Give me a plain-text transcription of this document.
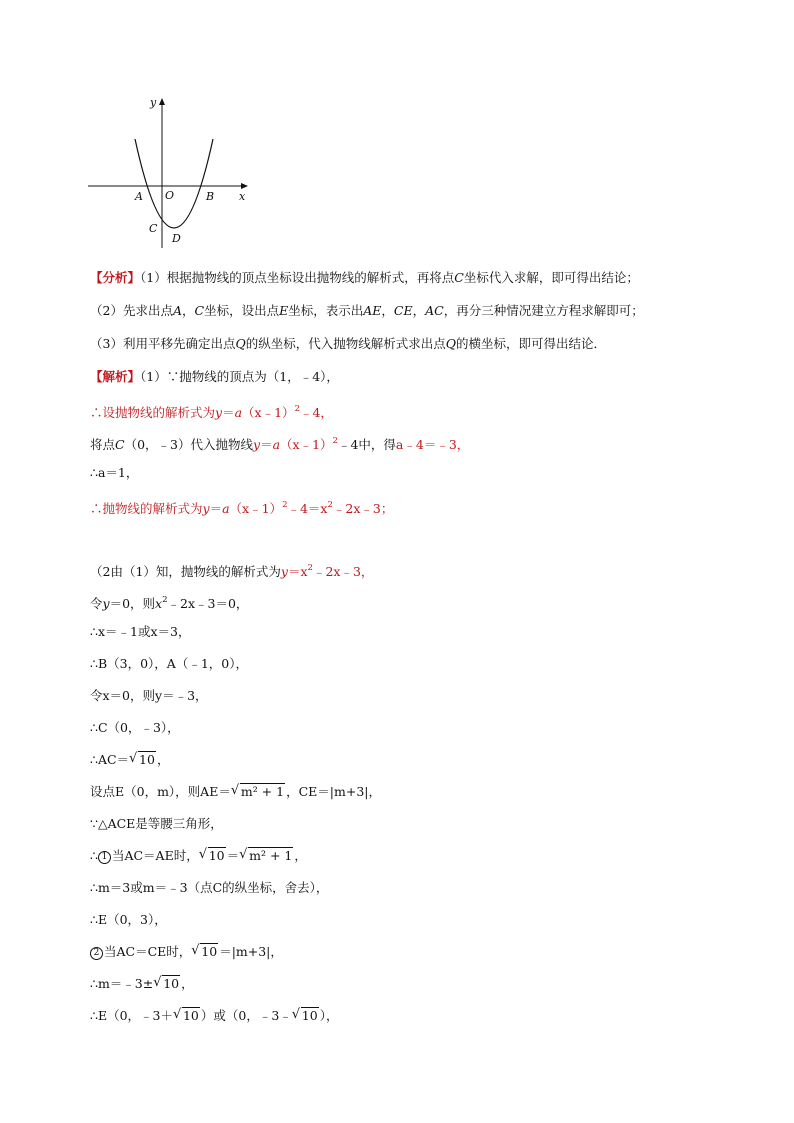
y
x
A O	B
C
D
【分析】（1）根据抛物线的顶点坐标设出抛物线的解析式，再将点C坐标代入求解，即可得出结论；
（2）先求出点A，C坐标，设出点E坐标，表示出AE，CE，AC，再分三种情况建立方程求解即可；
（3）利用平移先确定出点Q的纵坐标，代入抛物线解析式求出点Q的横坐标，即可得出结论．
【解析】（1）∵抛物线的顶点为（1，﹣4），
∴设抛物线的解析式为y＝a（x﹣1）$^2$﹣4，
将点C（0，﹣3）代入抛物线y＝a（x﹣1）$^2$﹣4中，得a﹣4＝﹣3，
∴a＝1，
∴抛物线的解析式为$y=a(x﹣1)^2﹣4=x^2﹣2x﹣3$；
（2由（1）知，抛物线的解析式为$y=x^2﹣2x﹣3$，
令y＝0，则$x^2﹣2x﹣3=0$，
∴x＝﹣1或x＝3，
∴B（3，0），A（﹣1，0），
令x＝0，则y＝﹣3，
∴C（0，﹣3），
∴AC＝ √ 10 ，
设点E（0，m），则AE＝ √ m² + 1 ，CE＝|m+3|，
∵△ACE是等腰三角形，
∴ 1 当AC＝AE时， √ 10 ＝ √ m² + 1 ，
∴m＝3或m＝﹣3（点C的纵坐标，舍去），
∴E（0，3），
2 当AC＝CE时， √ 10 ＝|m+3|，
∴m＝﹣3± √ 10 ，
∴E（0，﹣3＋ √ 10 ）或（0，﹣3﹣ √ 10 ），
